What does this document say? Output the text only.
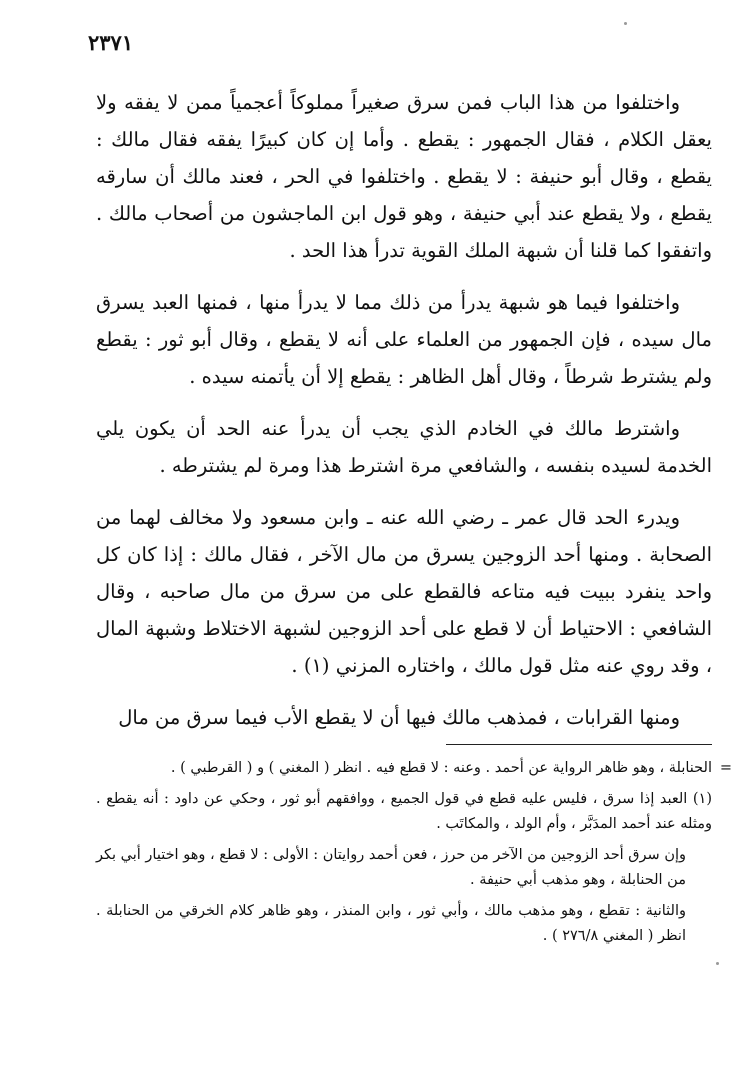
٢٣٧١

واختلفوا من هذا الباب فمن سرق صغيراً مملوكاً أعجمياً ممن لا يفقه ولا يعقل الكلام ، فقال الجمهور : يقطع . وأما إن كان كبيرًا يفقه فقال مالك : يقطع ، وقال أبو حنيفة : لا يقطع . واختلفوا في الحر ، فعند مالك أن سارقه يقطع ، ولا يقطع عند أبي حنيفة ، وهو قول ابن الماجشون من أصحاب مالك . واتفقوا كما قلنا أن شبهة الملك القوية تدرأ هذا الحد .

واختلفوا فيما هو شبهة يدرأ من ذلك مما لا يدرأ منها ، فمنها العبد يسرق مال سيده ، فإن الجمهور من العلماء على أنه لا يقطع ، وقال أبو ثور : يقطع ولم يشترط شرطاً ، وقال أهل الظاهر : يقطع إلا أن يأتمنه سيده .

واشترط مالك في الخادم الذي يجب أن يدرأ عنه الحد أن يكون يلي الخدمة لسيده بنفسه ، والشافعي مرة اشترط هذا ومرة لم يشترطه .

ويدرء الحد قال عمر ـ رضي الله عنه ـ وابن مسعود ولا مخالف لهما من الصحابة . ومنها أحد الزوجين يسرق من مال الآخر ، فقال مالك : إذا كان كل واحد ينفرد ببيت فيه متاعه فالقطع على من سرق من مال صاحبه ، وقال الشافعي : الاحتياط أن لا قطع على أحد الزوجين لشبهة الاختلاط وشبهة المال ، وقد روي عنه مثل قول مالك ، واختاره المزني (١) .

ومنها القرابات ، فمذهب مالك فيها أن لا يقطع الأب فيما سرق من مال

=

الحنابلة ، وهو ظاهر الرواية عن أحمد . وعنه : لا قطع فيه . انظر ( المغني ) و ( القرطبي ) .

(١) العبد إذا سرق ، فليس عليه قطع في قول الجميع ، ووافقهم أبو ثور ، وحكي عن داود : أنه يقطع . ومثله عند أحمد المدَبَّر ، وأم الولد ، والمكاتَب .

وإن سرق أحد الزوجين من الآخر من حرز ، فعن أحمد روايتان : الأولى : لا قطع ، وهو اختيار أبي بكر من الحنابلة ، وهو مذهب أبي حنيفة .

والثانية : تقطع ، وهو مذهب مالك ، وأبي ثور ، وابن المنذر ، وهو ظاهر كلام الخرقي من الحنابلة . انظر ( المغني ٢٧٦/٨ ) .
